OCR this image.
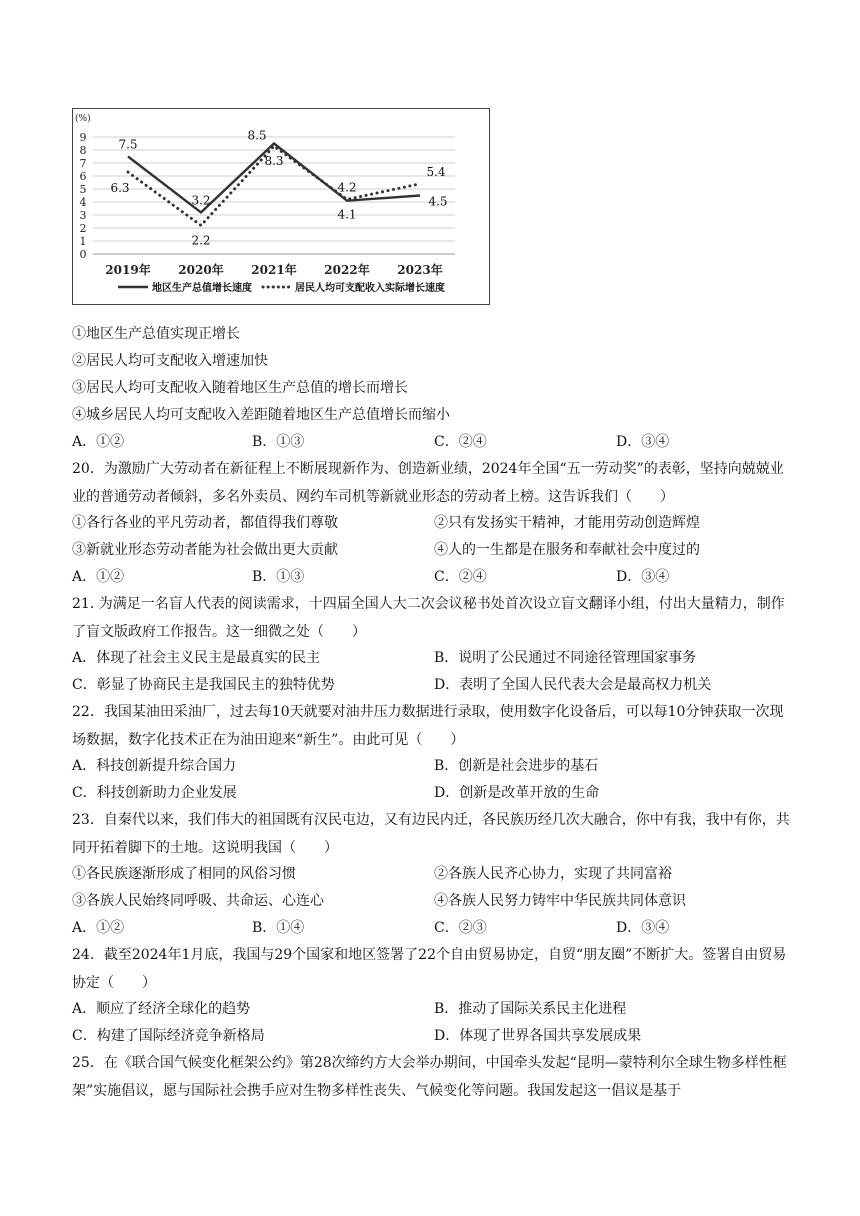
(%)
0
1
2
3
4
5
6
7
8
9
2019年 2020年 2021年 2022年 2023年
7.5
3.2
8.5
4.1
4.5
6.3
2.2
8.3
4.2
5.4
地区生产总值增长速度	居民人均可支配收入实际增长速度
①地区生产总值实现正增长
②居民人均可支配收入增速加快
③居民人均可支配收入随着地区生产总值的增长而增长
④城乡居民人均可支配收入差距随着地区生产总值增长而缩小
A．①②	B．①③	C．②④	D．③④
20．为激励广大劳动者在新征程上不断展现新作为、创造新业绩，2024年全国“五一劳动奖”的表彰，坚持向兢兢业业的普通劳动者倾斜，多名外卖员、网约车司机等新就业形态的劳动者上榜。这告诉我们（　　）
①各行各业的平凡劳动者，都值得我们尊敬	②只有发扬实干精神，才能用劳动创造辉煌
③新就业形态劳动者能为社会做出更大贡献	④人的一生都是在服务和奉献社会中度过的
A．①②	B．①③	C．②④	D．③④
21. 为满足一名盲人代表的阅读需求，十四届全国人大二次会议秘书处首次设立盲文翻译小组，付出大量精力，制作了盲文版政府工作报告。这一细微之处（　　）
A．体现了社会主义民主是最真实的民主	B．说明了公民通过不同途径管理国家事务
C．彰显了协商民主是我国民主的独特优势	D．表明了全国人民代表大会是最高权力机关
22．我国某油田采油厂，过去每10天就要对油井压力数据进行录取，使用数字化设备后，可以每10分钟获取一次现场数据，数字化技术正在为油田迎来“新生”。由此可见（　　）
A．科技创新提升综合国力	B．创新是社会进步的基石
C．科技创新助力企业发展	D．创新是改革开放的生命
23．自秦代以来，我们伟大的祖国既有汉民屯边，又有边民内迁，各民族历经几次大融合，你中有我，我中有你，共同开拓着脚下的土地。这说明我国（　　）
①各民族逐渐形成了相同的风俗习惯	②各族人民齐心协力，实现了共同富裕
③各族人民始终同呼吸、共命运、心连心	④各族人民努力铸牢中华民族共同体意识
A．①②	B．①④	C．②③	D．③④
24．截至2024年1月底，我国与29个国家和地区签署了22个自由贸易协定，自贸“朋友圈”不断扩大。签署自由贸易协定（　　）
A．顺应了经济全球化的趋势	B．推动了国际关系民主化进程
C．构建了国际经济竞争新格局	D．体现了世界各国共享发展成果
25．在《联合国气候变化框架公约》第28次缔约方大会举办期间，中国牵头发起“昆明—蒙特利尔全球生物多样性框架”实施倡议，愿与国际社会携手应对生物多样性丧失、气候变化等问题。我国发起这一倡议是基于
